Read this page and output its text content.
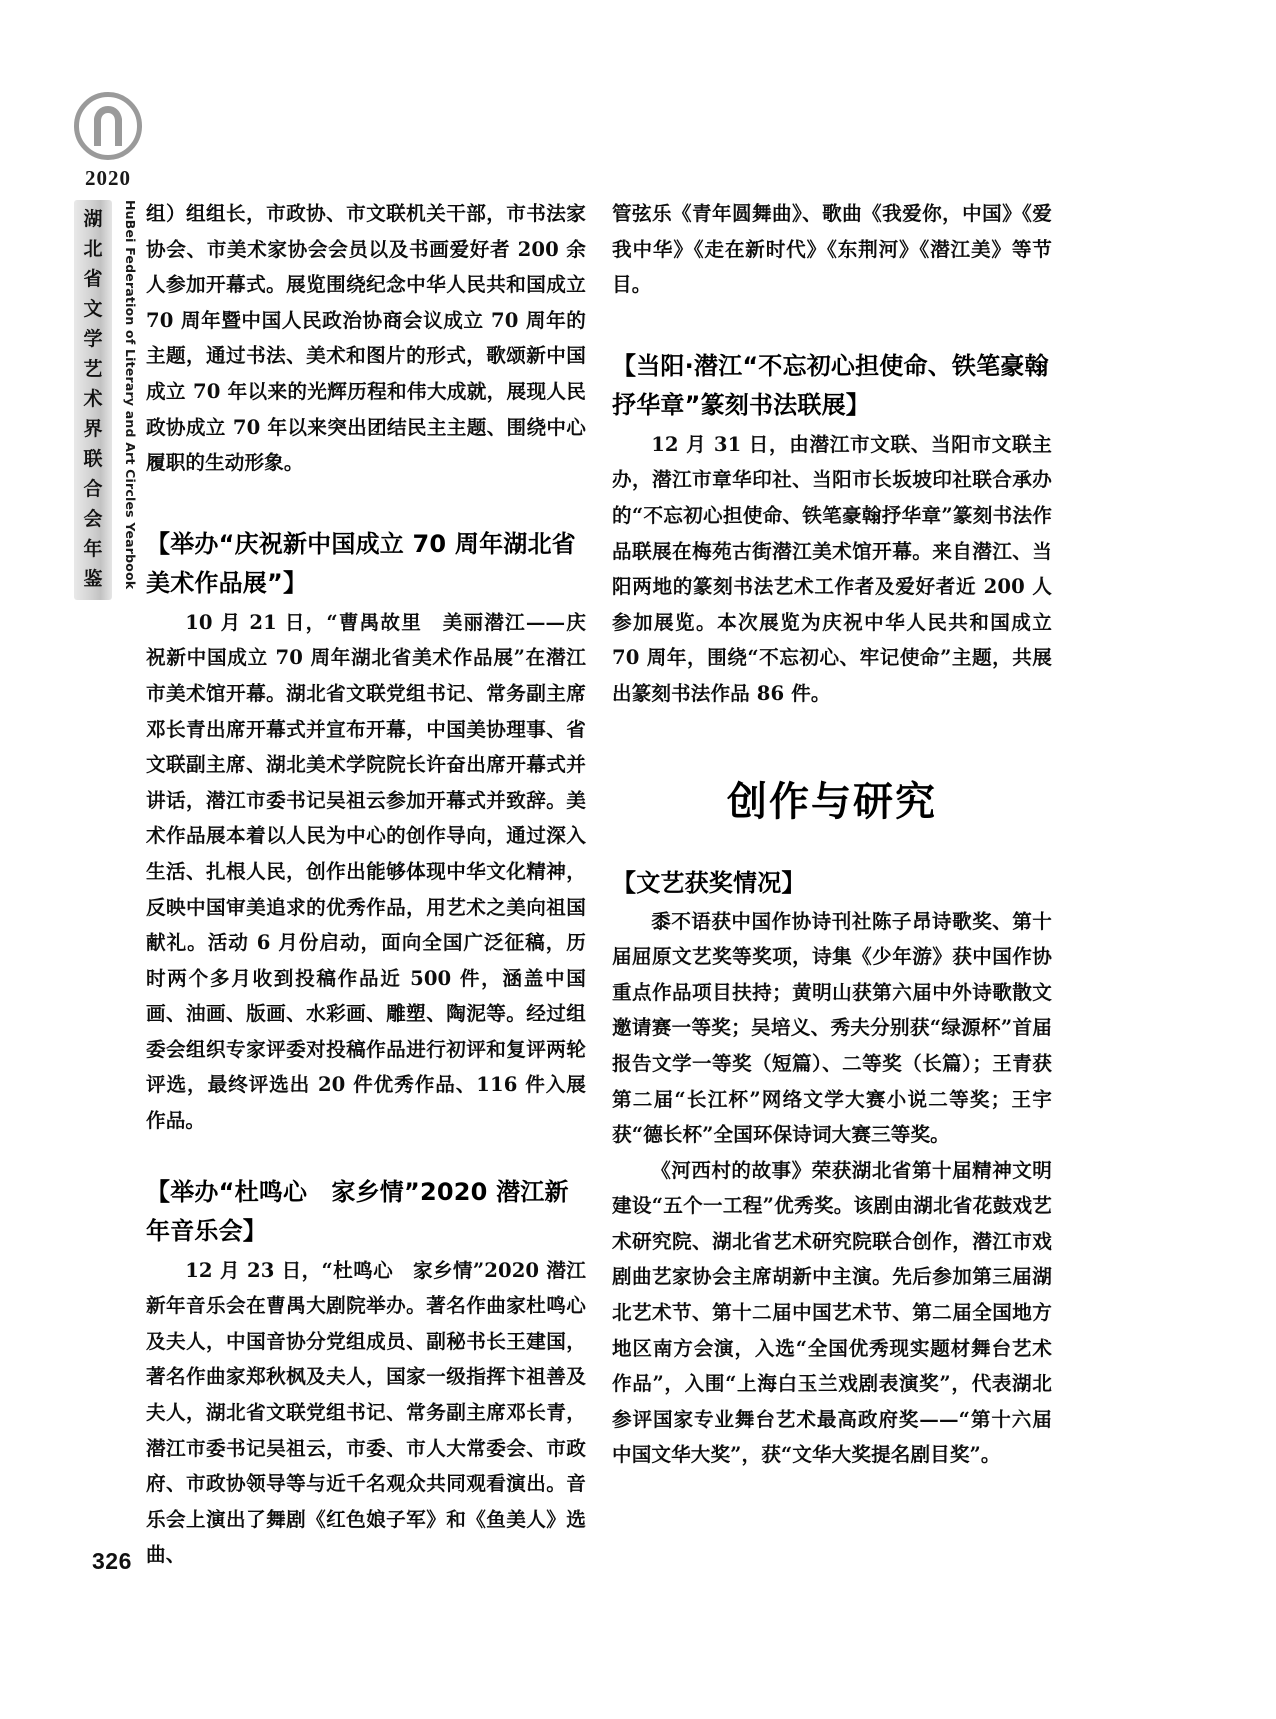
2020
湖
北
省
文
学
艺
术
界
联
合
会
年
鉴	HuBei Federation of Literary and Art Circles Yearbook
326

组）组组长，市政协、市文联机关干部，市书法家协会、市美术家协会会员以及书画爱好者 200 余人参加开幕式。展览围绕纪念中华人民共和国成立 70 周年暨中国人民政治协商会议成立 70 周年的主题，通过书法、美术和图片的形式，歌颂新中国成立 70 年以来的光辉历程和伟大成就，展现人民政协成立 70 年以来突出团结民主主题、围绕中心履职的生动形象。

【举办“庆祝新中国成立 70 周年湖北省美术作品展”】

10 月 21 日，“曹禺故里　美丽潜江——庆祝新中国成立 70 周年湖北省美术作品展”在潜江市美术馆开幕。湖北省文联党组书记、常务副主席邓长青出席开幕式并宣布开幕，中国美协理事、省文联副主席、湖北美术学院院长许奋出席开幕式并讲话，潜江市委书记吴祖云参加开幕式并致辞。美术作品展本着以人民为中心的创作导向，通过深入生活、扎根人民，创作出能够体现中华文化精神，反映中国审美追求的优秀作品，用艺术之美向祖国献礼。活动 6 月份启动，面向全国广泛征稿，历时两个多月收到投稿作品近 500 件，涵盖中国画、油画、版画、水彩画、雕塑、陶泥等。经过组委会组织专家评委对投稿作品进行初评和复评两轮评选，最终评选出 20 件优秀作品、116 件入展作品。

【举办“杜鸣心　家乡情”2020 潜江新年音乐会】

12 月 23 日，“杜鸣心　家乡情”2020 潜江新年音乐会在曹禺大剧院举办。著名作曲家杜鸣心及夫人，中国音协分党组成员、副秘书长王建国，著名作曲家郑秋枫及夫人，国家一级指挥卞祖善及夫人，湖北省文联党组书记、常务副主席邓长青，潜江市委书记吴祖云，市委、市人大常委会、市政府、市政协领导等与近千名观众共同观看演出。音乐会上演出了舞剧《红色娘子军》和《鱼美人》选曲、

管弦乐《青年圆舞曲》、歌曲《我爱你，中国》《爱我中华》《走在新时代》《东荆河》《潜江美》等节目。

【当阳·潜江“不忘初心担使命、铁笔豪翰抒华章”篆刻书法联展】

12 月 31 日，由潜江市文联、当阳市文联主办，潜江市章华印社、当阳市长坂坡印社联合承办的“不忘初心担使命、铁笔豪翰抒华章”篆刻书法作品联展在梅苑古街潜江美术馆开幕。来自潜江、当阳两地的篆刻书法艺术工作者及爱好者近 200 人参加展览。本次展览为庆祝中华人民共和国成立 70 周年，围绕“不忘初心、牢记使命”主题，共展出篆刻书法作品 86 件。

创作与研究
【文艺获奖情况】

黍不语获中国作协诗刊社陈子昂诗歌奖、第十届屈原文艺奖等奖项，诗集《少年游》获中国作协重点作品项目扶持；黄明山获第六届中外诗歌散文邀请赛一等奖；吴培义、秀夫分别获“绿源杯”首届报告文学一等奖（短篇）、二等奖（长篇）；王青获第二届“长江杯”网络文学大赛小说二等奖；王宇获“德长杯”全国环保诗词大赛三等奖。

《河西村的故事》荣获湖北省第十届精神文明建设“五个一工程”优秀奖。该剧由湖北省花鼓戏艺术研究院、湖北省艺术研究院联合创作，潜江市戏剧曲艺家协会主席胡新中主演。先后参加第三届湖北艺术节、第十二届中国艺术节、第二届全国地方地区南方会演，入选“全国优秀现实题材舞台艺术作品”，入围“上海白玉兰戏剧表演奖”，代表湖北参评国家专业舞台艺术最高政府奖——“第十六届中国文华大奖”，获“文华大奖提名剧目奖”。
